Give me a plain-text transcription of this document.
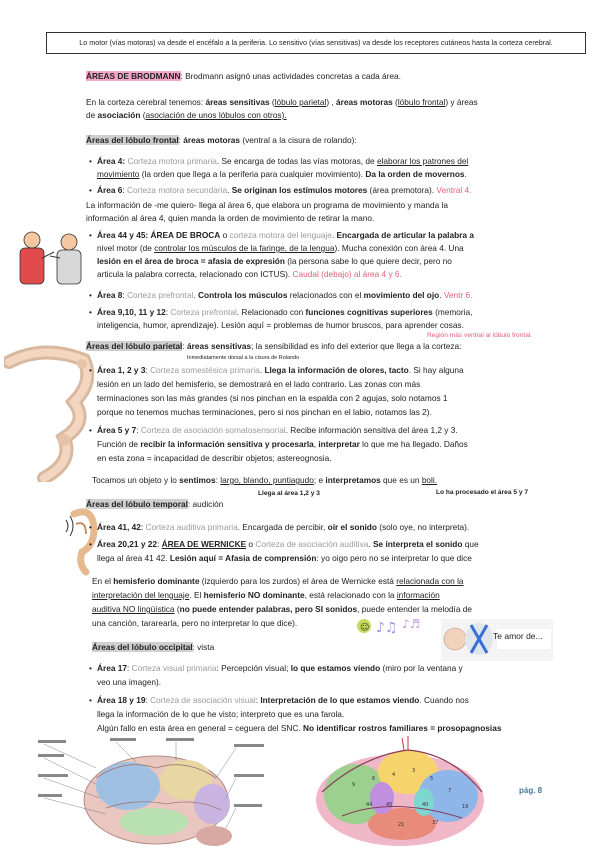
Lo motor (vías motoras) va desde el encéfalo a la periferia. Lo sensitivo (vías sensitivas) va desde los receptores cutáneos hasta la corteza cerebral.
ÁREAS DE BRODMANN: Brodmann asignó unas actividades concretas a cada área.
En la corteza cerebral tenemos: áreas sensitivas (lóbulo parietal) , áreas motoras (lóbulo frontal) y áreas
de asociación (asociación de unos lóbulos con otros).
Áreas del lóbulo frontal: áreas motoras (ventral a la cisura de rolando):
• Área 4: Corteza motora primaria. Se encarga de todas las vías motoras, de elaborar los patrones del
movimiento (la orden que llega a la periferia para cualquier movimiento). Da la orden de movernos.
• Área 6: Corteza motora secundaria. Se originan los estímulos motores (área premotora). Ventral 4.
La información de -me quiero- llega al área 6, que elabora un programa de movimiento y manda la
información al área 4, quien manda la orden de movimiento de retirar la mano.
• Área 44 y 45: ÁREA DE BROCA o corteza motora del lenguaje. Encargada de articular la palabra a
nivel motor (de controlar los músculos de la faringe, de la lengua). Mucha conexión con área 4. Una
lesión en el área de broca = afasia de expresión (la persona sabe lo que quiere decir, pero no
articula la palabra correcta, relacionado con ICTUS). Caudal (debajo) al área 4 y 6.
• Área 8: Corteza prefrontal. Controla los músculos relacionados con el movimiento del ojo. Ventr 6.
• Área 9,10, 11 y 12: Corteza prefrontal. Relacionado con funciones cognitivas superiores (memoria,
inteligencia, humor, aprendizaje). Lesión aquí = problemas de humor bruscos, para aprender cosas.
Región más ventral al lóbulo frontal.
Áreas del lóbulo parietal: áreas sensitivas; la sensibilidad es info del exterior que llega a la corteza:
Inmediatamente dorsal a la cisura de Rolando
• Área 1, 2 y 3: Corteza somestésica primaria. Llega la información de olores, tacto. Si hay alguna
lesión en un lado del hemisferio, se demostrará en el lado contrario. Las zonas con más
terminaciones son las más grandes (si nos pinchan en la espalda con 2 agujas, solo notamos 1
porque no tenemos muchas terminaciones, pero si nos pinchan en el labio, notamos las 2).
• Área 5 y 7: Corteza de asociación somatosensorial. Recibe información sensitiva del área 1,2 y 3.
Función de recibir la información sensitiva y procesarla, interpretar lo que me ha llegado. Daños
en esta zona = incapacidad de describir objetos; astereognosia.
Tocamos un objeto y lo sentimos: largo, blando, puntiagudo; e interpretamos que es un boli.
Llega al área 1,2 y 3	Lo ha procesado el área 5 y 7
Áreas del lóbulo temporal: audición
• Área 41, 42: Corteza auditiva primaria. Encargada de percibir, oír el sonido (solo oye, no interpreta).
• Área 20,21 y 22: ÁREA DE WERNICKE o Corteza de asociación auditiva. Se interpreta el sonido que
llega al área 41 42. Lesión aquí = Afasia de comprensión: yo oigo pero no se interpretar lo que dice
En el hemisferio dominante (izquierdo para los zurdos) el área de Wernicke está relacionada con la
interpretación del lenguaje. El hemisferio NO dominante, está relacionado con la información
auditiva NO lingüística (no puede entender palabras, pero SI sonidos, puede entender la melodía de
una canción, tararearla, pero no interpretar lo que dice).	☺ ♪♫ ♪♬
Te amor de...
Áreas del lóbulo occipital: vista
• Área 17: Corteza visual primaria: Percepción visual; lo que estamos viendo (miro por la ventana y
veo una imagen).
• Área 18 y 19: Corteza de asociación visual: Interpretación de lo que estamos viendo. Cuando nos
llega la información de lo que he visto; interpreto que es una farola.
Algún fallo en esta área en general = ceguera del SNC. No identificar rostros familiares = prosopagnosias
9
6
4
3
5
7
44	45	40	19
21	37
pág. 8
